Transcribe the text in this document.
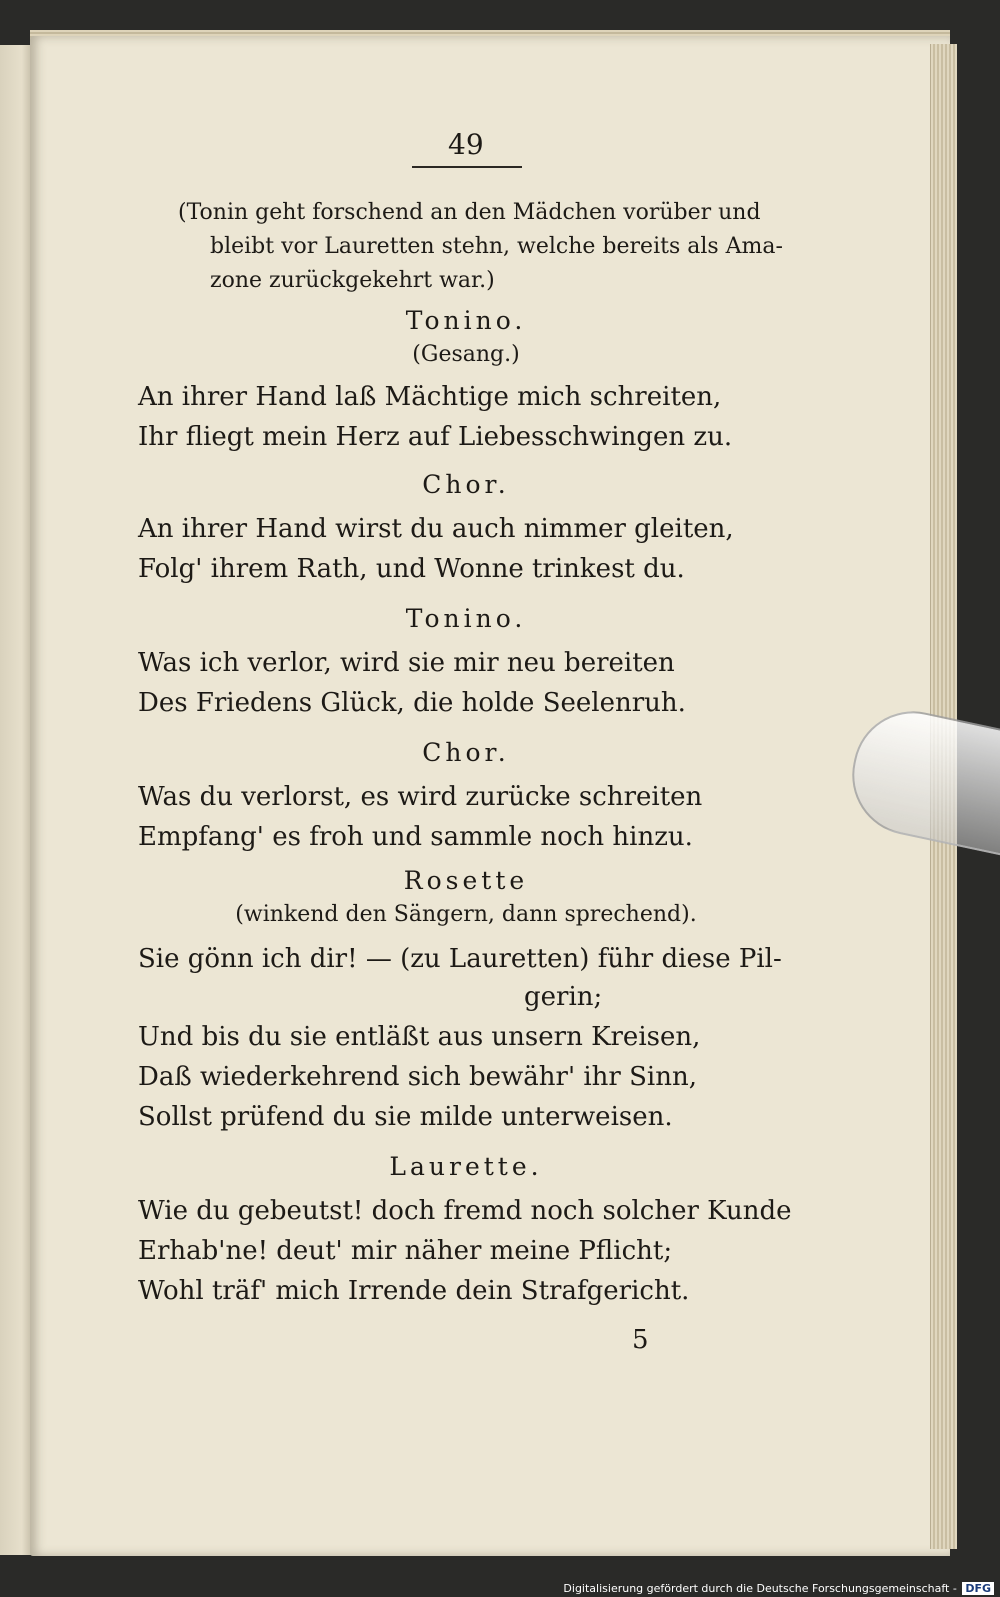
49
(Tonin geht forschend an den Mädchen vorüber und
bleibt vor Lauretten stehn, welche bereits als Ama-
zone zurückgekehrt war.)
Tonino.
(Gesang.)
An ihrer Hand laß Mächtige mich schreiten,
Ihr fliegt mein Herz auf Liebesschwingen zu.
Chor.
An ihrer Hand wirst du auch nimmer gleiten,
Folg' ihrem Rath, und Wonne trinkest du.
Tonino.
Was ich verlor, wird sie mir neu bereiten
Des Friedens Glück, die holde Seelenruh.
Chor.
Was du verlorst, es wird zurücke schreiten
Empfang' es froh und sammle noch hinzu.
Rosette
(winkend den Sängern, dann sprechend).
Sie gönn ich dir! — (zu Lauretten) führ diese Pil-
gerin;
Und bis du sie entläßt aus unsern Kreisen,
Daß wiederkehrend sich bewähr' ihr Sinn,
Sollst prüfend du sie milde unterweisen.
Laurette.
Wie du gebeutst! doch fremd noch solcher Kunde
Erhab'ne! deut' mir näher meine Pflicht;
Wohl träf' mich Irrende dein Strafgericht.
5
Digitalisierung gefördert durch die Deutsche Forschungsgemeinschaft - DFG
